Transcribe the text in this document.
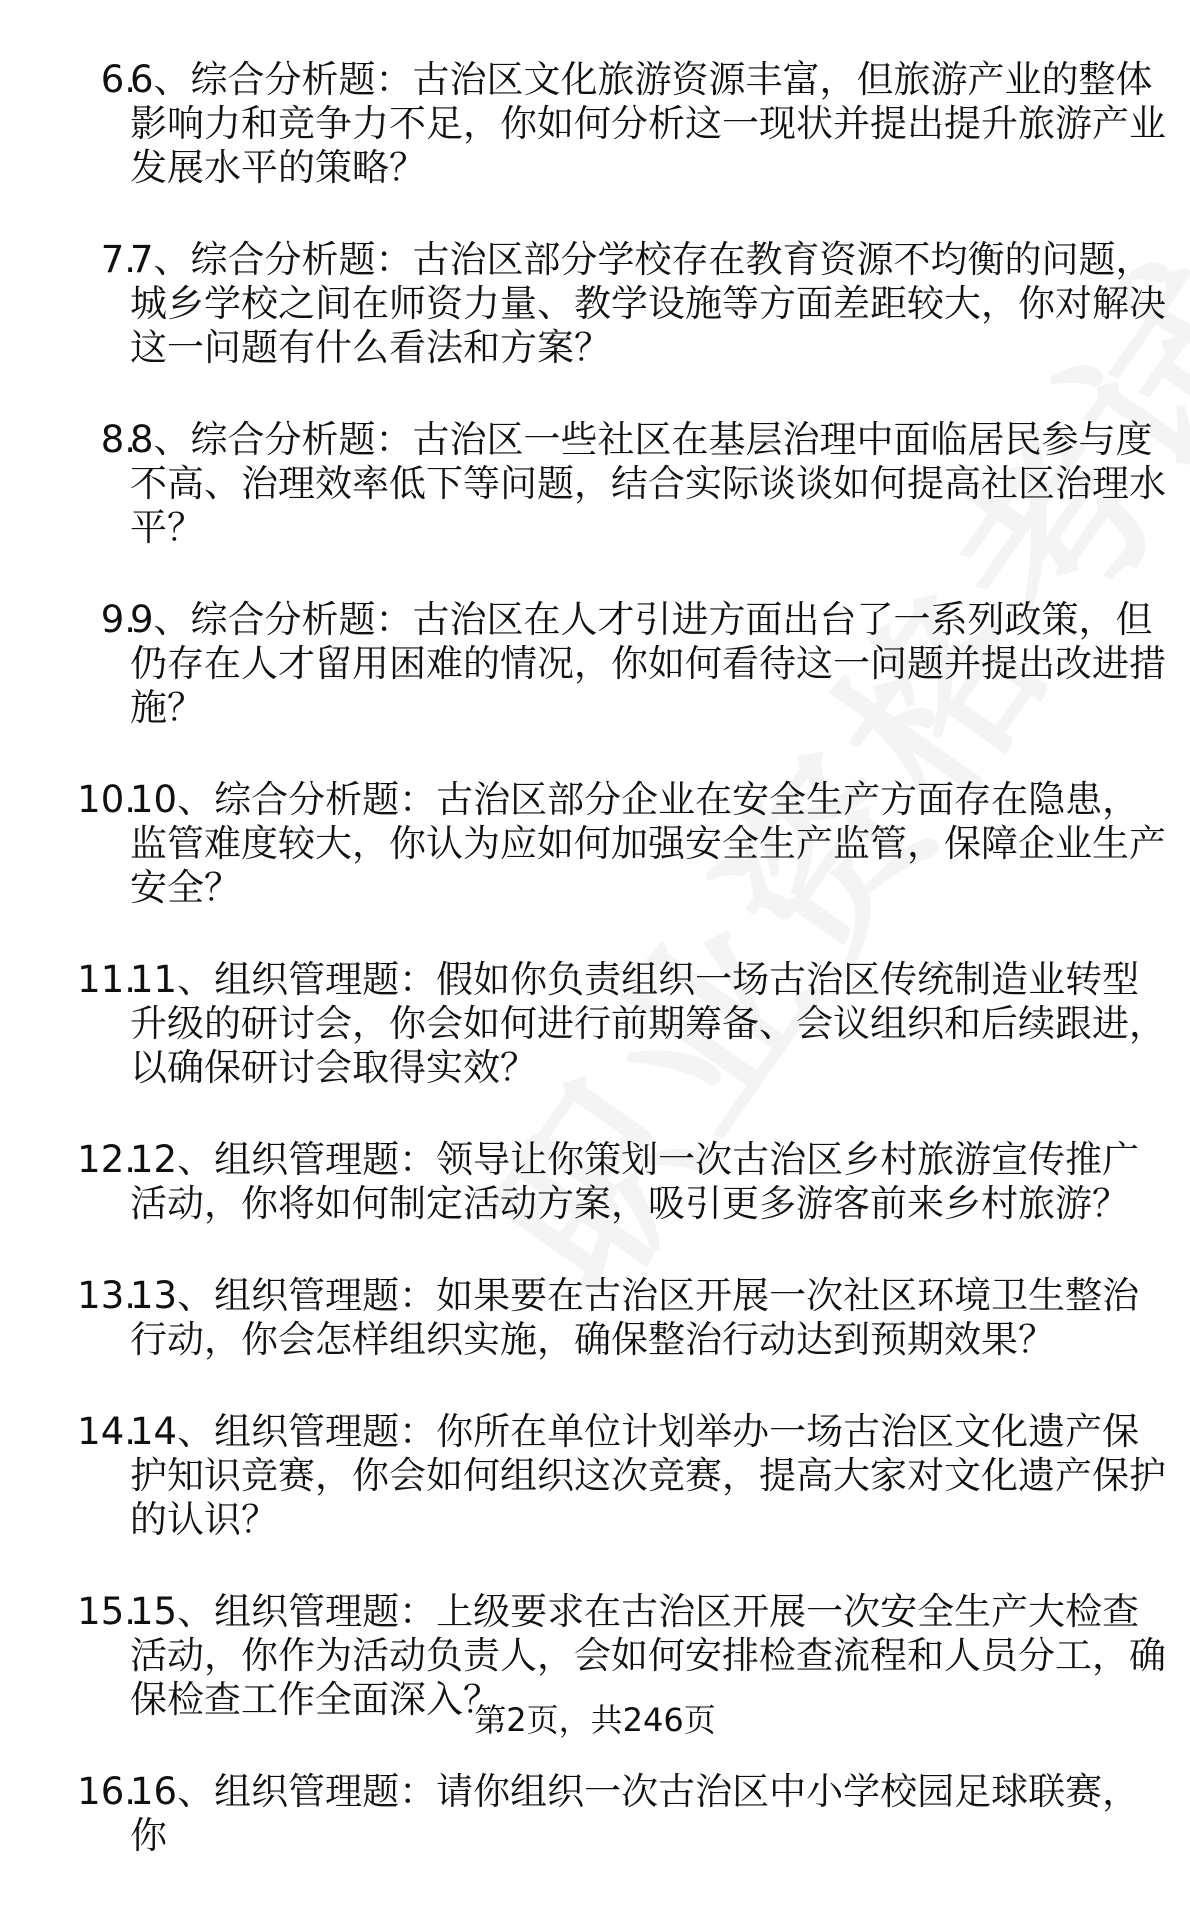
6.
6、综合分析题：古治区文化旅游资源丰富，但旅游产业的整体影响力和竞争力不足，你如何分析这一现状并提出提升旅游产业发展水平的策略？
7.
7、综合分析题：古治区部分学校存在教育资源不均衡的问题，城乡学校之间在师资力量、教学设施等方面差距较大，你对解决这一问题有什么看法和方案？
8.
8、综合分析题：古治区一些社区在基层治理中面临居民参与度不高、治理效率低下等问题，结合实际谈谈如何提高社区治理水平？
9.
9、综合分析题：古治区在人才引进方面出台了一系列政策，但仍存在人才留用困难的情况，你如何看待这一问题并提出改进措施？
10.
10、综合分析题：古治区部分企业在安全生产方面存在隐患，监管难度较大，你认为应如何加强安全生产监管，保障企业生产安全？
11.
11、组织管理题：假如你负责组织一场古治区传统制造业转型升级的研讨会，你会如何进行前期筹备、会议组织和后续跟进，以确保研讨会取得实效？
12.
12、组织管理题：领导让你策划一次古治区乡村旅游宣传推广活动，你将如何制定活动方案，吸引更多游客前来乡村旅游？
13.
13、组织管理题：如果要在古治区开展一次社区环境卫生整治行动，你会怎样组织实施，确保整治行动达到预期效果？
14.
14、组织管理题：你所在单位计划举办一场古治区文化遗产保护知识竞赛，你会如何组织这次竞赛，提高大家对文化遗产保护的认识？
15.
15、组织管理题：上级要求在古治区开展一次安全生产大检查活动，你作为活动负责人，会如何安排检查流程和人员分工，确保检查工作全面深入？
16.
16、组织管理题：请你组织一次古治区中小学校园足球联赛，你
第2页，共246页
